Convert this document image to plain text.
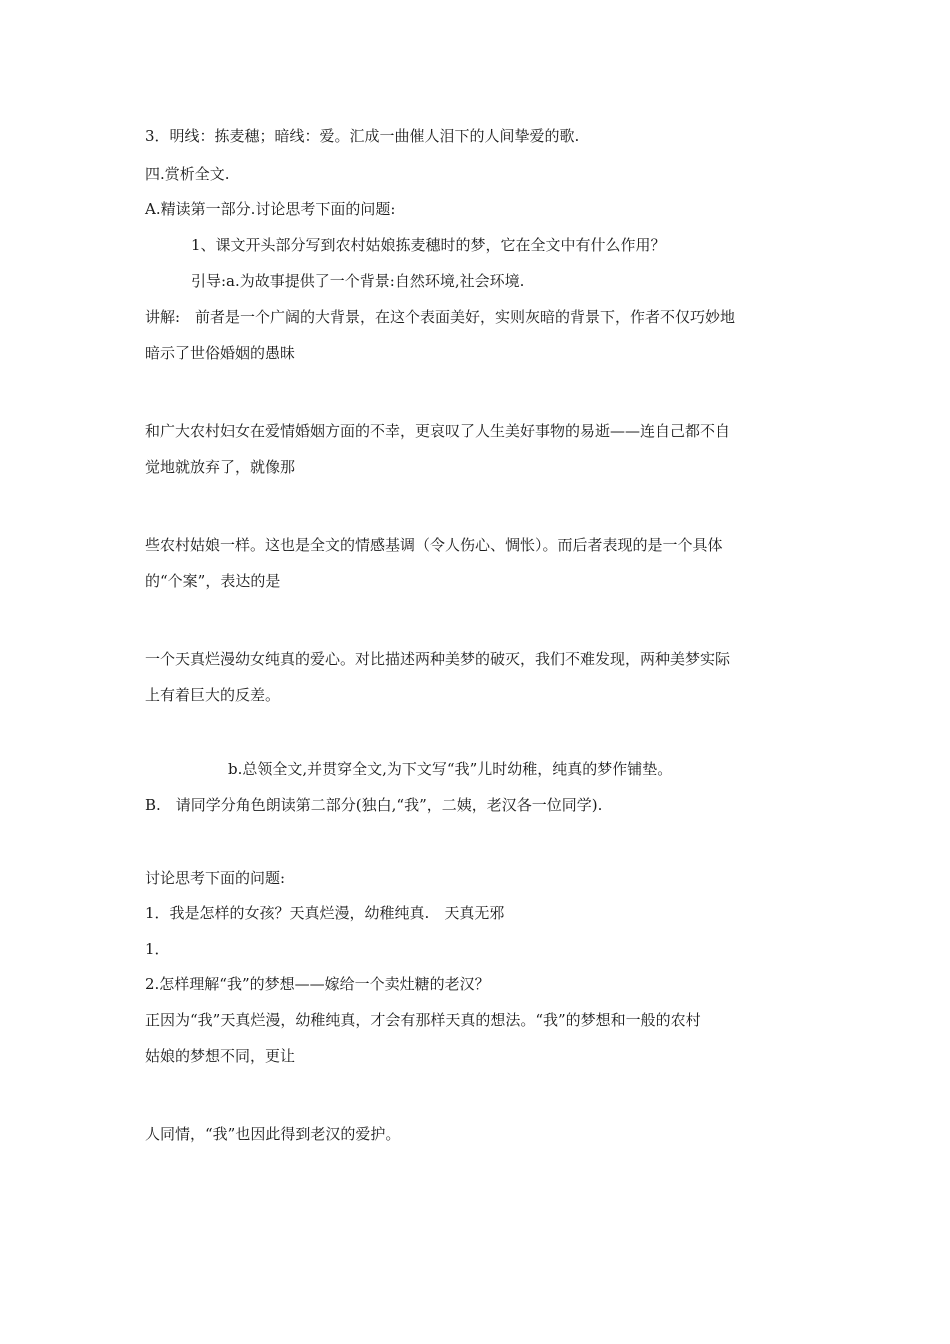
3．明线：拣麦穗；暗线：爱。汇成一曲催人泪下的人间挚爱的歌.
四.赏析全文.
A.精读第一部分.讨论思考下面的问题:
1、课文开头部分写到农村姑娘拣麦穗时的梦，它在全文中有什么作用？
引导:a.为故事提供了一个背景:自然环境,社会环境.
讲解:　前者是一个广阔的大背景，在这个表面美好，实则灰暗的背景下，作者不仅巧妙地
暗示了世俗婚姻的愚昧
和广大农村妇女在爱情婚姻方面的不幸，更哀叹了人生美好事物的易逝——连自己都不自
觉地就放弃了，就像那
些农村姑娘一样。这也是全文的情感基调（令人伤心、惆怅）。而后者表现的是一个具体
的“个案”，表达的是
一个天真烂漫幼女纯真的爱心。对比描述两种美梦的破灭，我们不难发现，两种美梦实际
上有着巨大的反差。
b.总领全文,并贯穿全文,为下文写“我”儿时幼稚，纯真的梦作铺垫。
B.　请同学分角色朗读第二部分(独白,“我”，二姨，老汉各一位同学).
讨论思考下面的问题:
1．我是怎样的女孩？天真烂漫，幼稚纯真.　天真无邪
1．
2.怎样理解“我”的梦想——嫁给一个卖灶糖的老汉？
正因为“我”天真烂漫，幼稚纯真，才会有那样天真的想法。“我”的梦想和一般的农村
姑娘的梦想不同，更让
人同情，“我”也因此得到老汉的爱护。
